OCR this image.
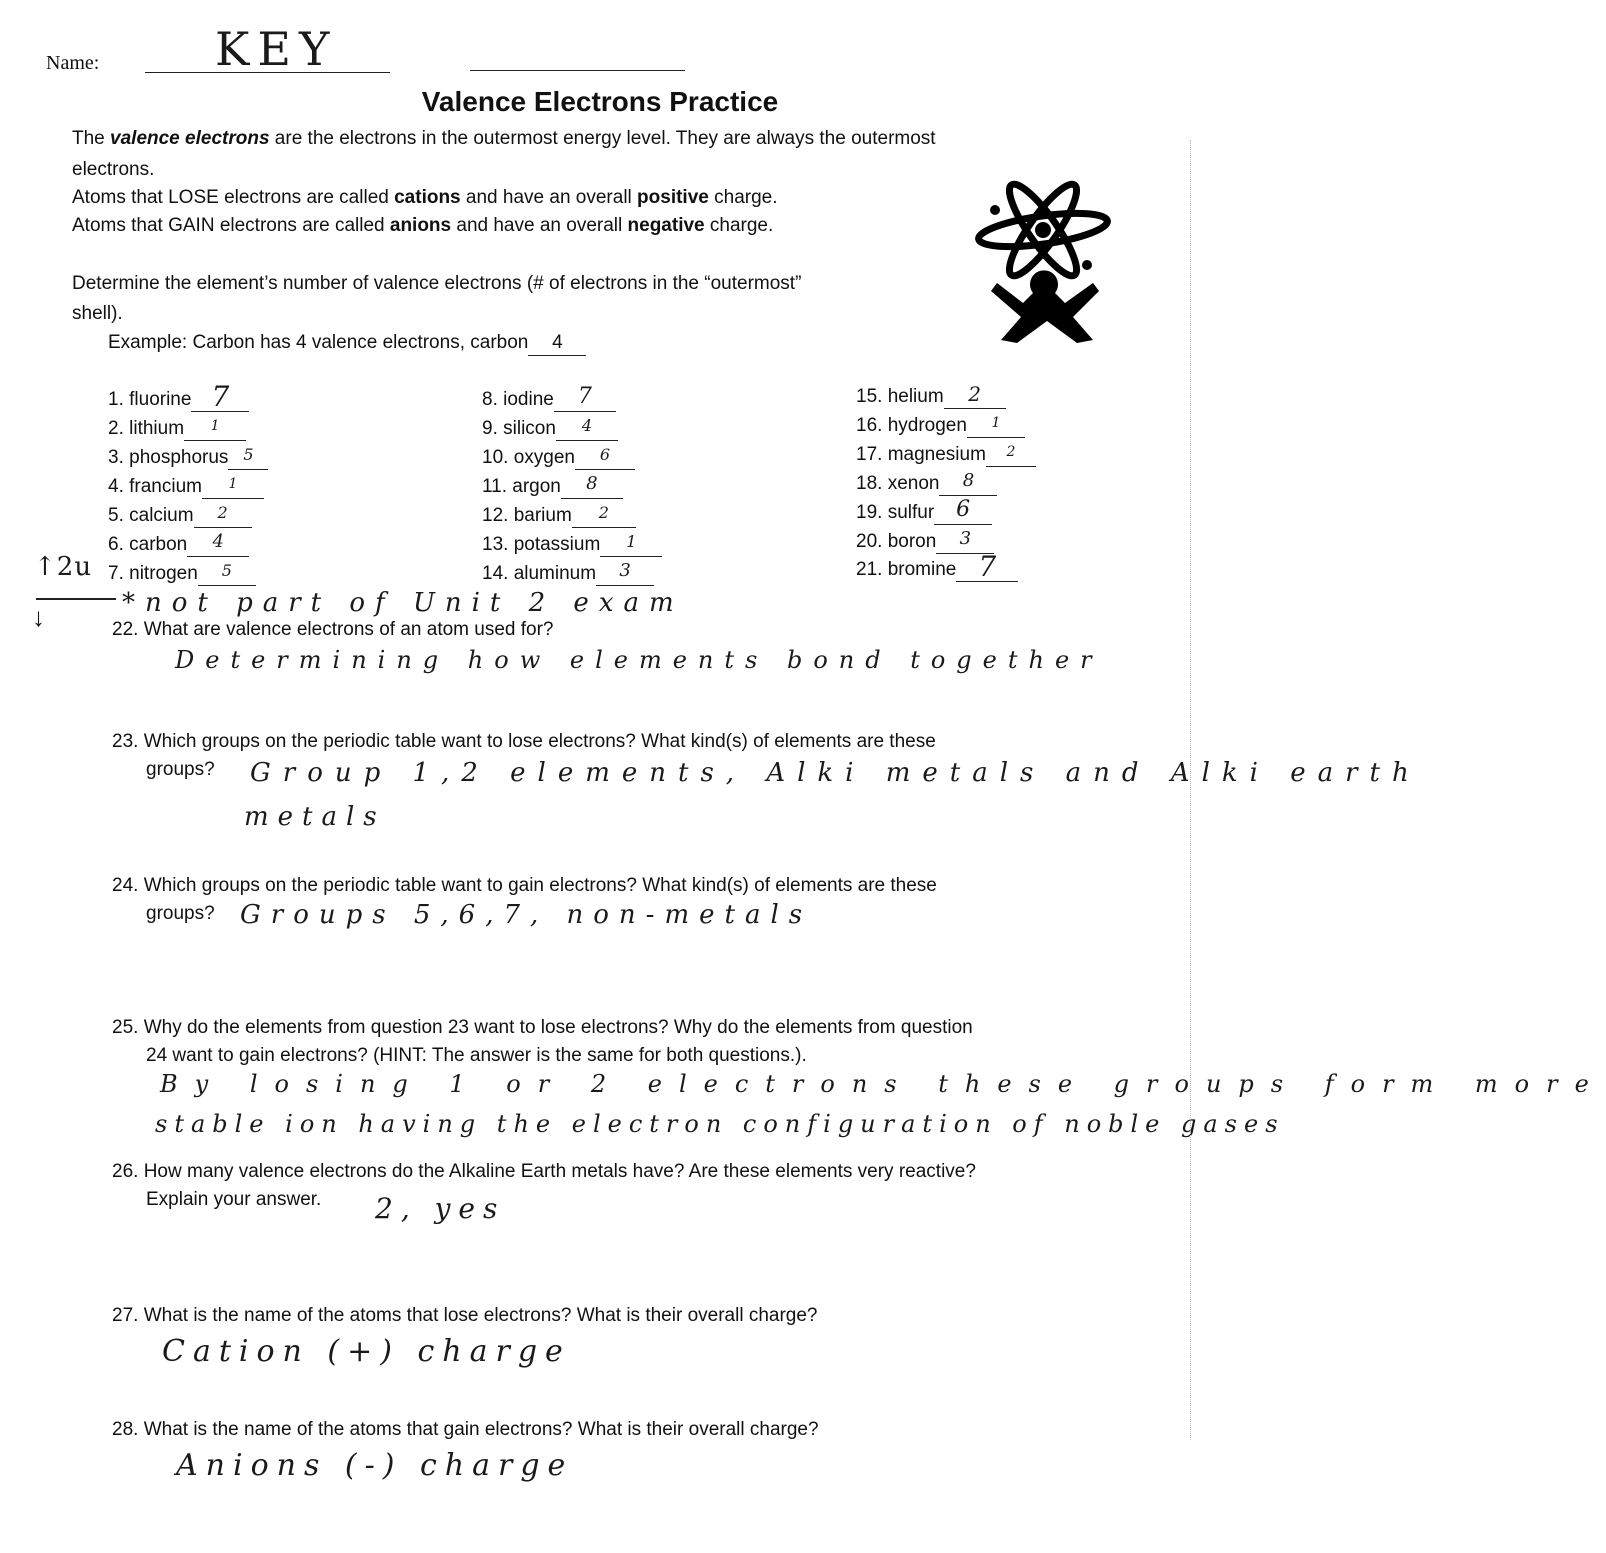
Name:	KEY
Valence Electrons Practice
The valence electrons are the electrons in the outermost energy level. They are always the outermost
electrons.
Atoms that LOSE electrons are called cations and have an overall positive charge.
Atoms that GAIN electrons are called anions and have an overall negative charge.
Determine the element’s number of valence electrons (# of electrons in the “outermost”
shell).
Example: Carbon has 4 valence electrons, carbon 4
1. fluorine 7
2. lithium	1
3. phosphorus 5
4. francium	1
5. calcium	2
6. carbon	4
7. nitrogen	5
8. iodine	7
9. silicon	4
10. oxygen	6
11. argon	8
12. barium	2
13. potassium	1
14. aluminum	3
15. helium	2
16. hydrogen	1
17. magnesium	2
18. xenon	8
19. sulfur	6
20. boron	3
21. bromine 7
↑2u
↓	*not part of Unit 2 exam
22. What are valence electrons of an atom used for?
Determining how elements bond together
23. Which groups on the periodic table want to lose electrons? What kind(s) of elements are these
groups?	Group 1,2 elements, Alki metals and Alki earth
metals
24. Which groups on the periodic table want to gain electrons? What kind(s) of elements are these
groups? Groups 5,6,7, non-metals
25. Why do the elements from question 23 want to lose electrons? Why do the elements from question
24 want to gain electrons? (HINT: The answer is the same for both questions.).
By losing 1 or 2 electrons these groups form more
stable ion having the electron configuration of noble gases
26. How many valence electrons do the Alkaline Earth metals have? Are these elements very reactive?
Explain your answer.	2, yes
27. What is the name of the atoms that lose electrons? What is their overall charge?
Cation (+) charge
28. What is the name of the atoms that gain electrons? What is their overall charge?
Anions (-) charge
